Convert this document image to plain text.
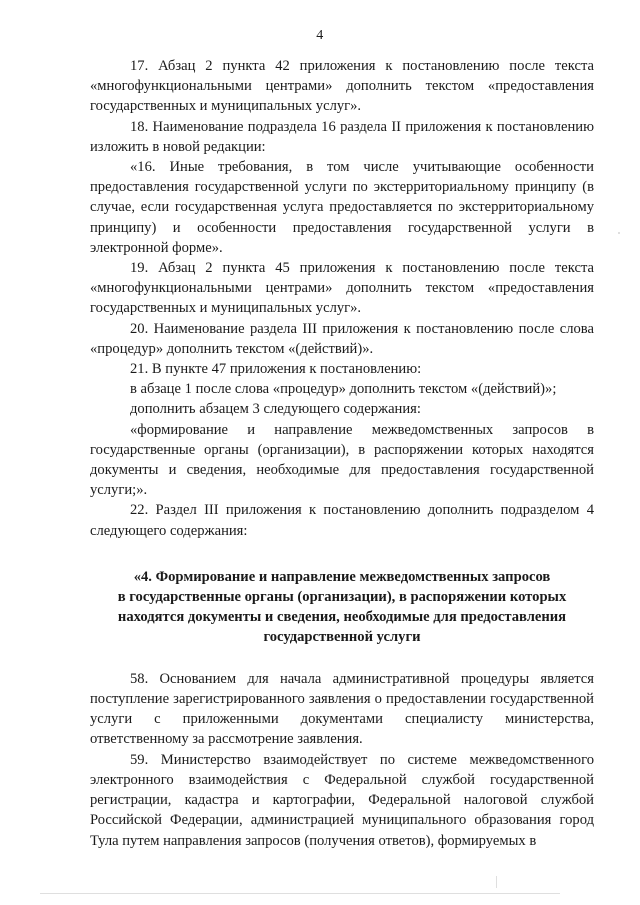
4

17. Абзац 2 пункта 42 приложения к постановлению после текста «многофункциональными центрами» дополнить текстом «предоставления государственных и муниципальных услуг».

18. Наименование подраздела 16 раздела II приложения к постановлению изложить в новой редакции:

«16. Иные требования, в том числе учитывающие особенности предоставления государственной услуги по экстерриториальному принципу (в случае, если государственная услуга предоставляется по экстерриториальному принципу) и особенности предоставления государственной услуги в электронной форме».

19. Абзац 2 пункта 45 приложения к постановлению после текста «многофункциональными центрами» дополнить текстом «предоставления государственных и муниципальных услуг».

20. Наименование раздела III приложения к постановлению после слова «процедур» дополнить текстом «(действий)».

21. В пункте 47 приложения к постановлению:

в абзаце 1 после слова «процедур» дополнить текстом «(действий)»;

дополнить абзацем 3 следующего содержания:

«формирование и направление межведомственных запросов в государственные органы (организации), в распоряжении которых находятся документы и сведения, необходимые для предоставления государственной услуги;».

22. Раздел III приложения к постановлению дополнить подразделом 4 следующего содержания:

«4. Формирование и направление межведомственных запросов
в государственные органы (организации), в распоряжении которых
находятся документы и сведения, необходимые для предоставления
государственной услуги

58. Основанием для начала административной процедуры является поступление зарегистрированного заявления о предоставлении государственной услуги с приложенными документами специалисту министерства, ответственному за рассмотрение заявления.

59. Министерство взаимодействует по системе межведомственного электронного взаимодействия с Федеральной службой государственной регистрации, кадастра и картографии, Федеральной налоговой службой Российской Федерации, администрацией муниципального образования город Тула путем направления запросов (получения ответов), формируемых в
